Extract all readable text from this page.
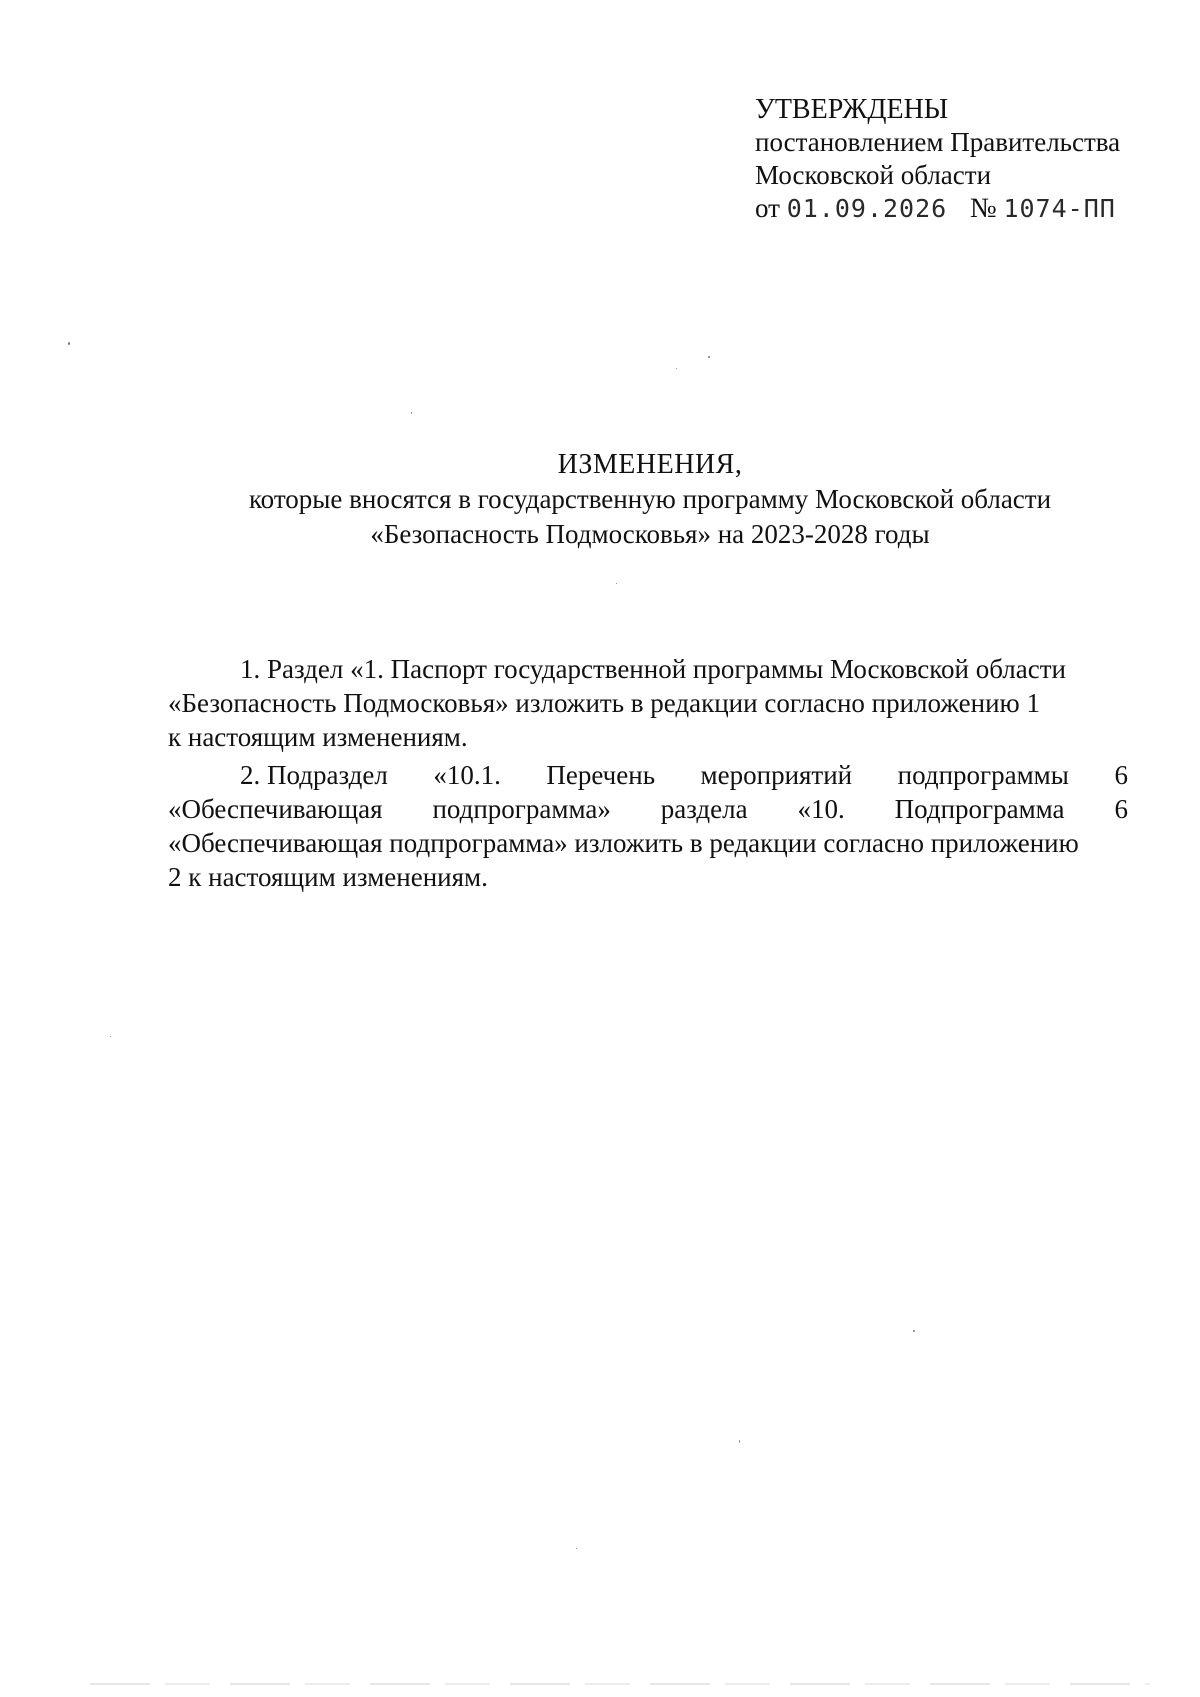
УТВЕРЖДЕНЫ
постановлением Правительства
Московской области
от 01.09.2026 № 1074-ПП
ИЗМЕНЕНИЯ,
которые вносятся в государственную программу Московской области
«Безопасность Подмосковья» на 2023-2028 годы
1. Раздел «1. Паспорт государственной программы Московской области
«Безопасность Подмосковья» изложить в редакции согласно приложению 1
к настоящим изменениям.
2. Подраздел «10.1. Перечень мероприятий подпрограммы 6
«Обеспечивающая подпрограмма» раздела «10. Подпрограмма 6
«Обеспечивающая подпрограмма» изложить в редакции согласно приложению
2 к настоящим изменениям.
